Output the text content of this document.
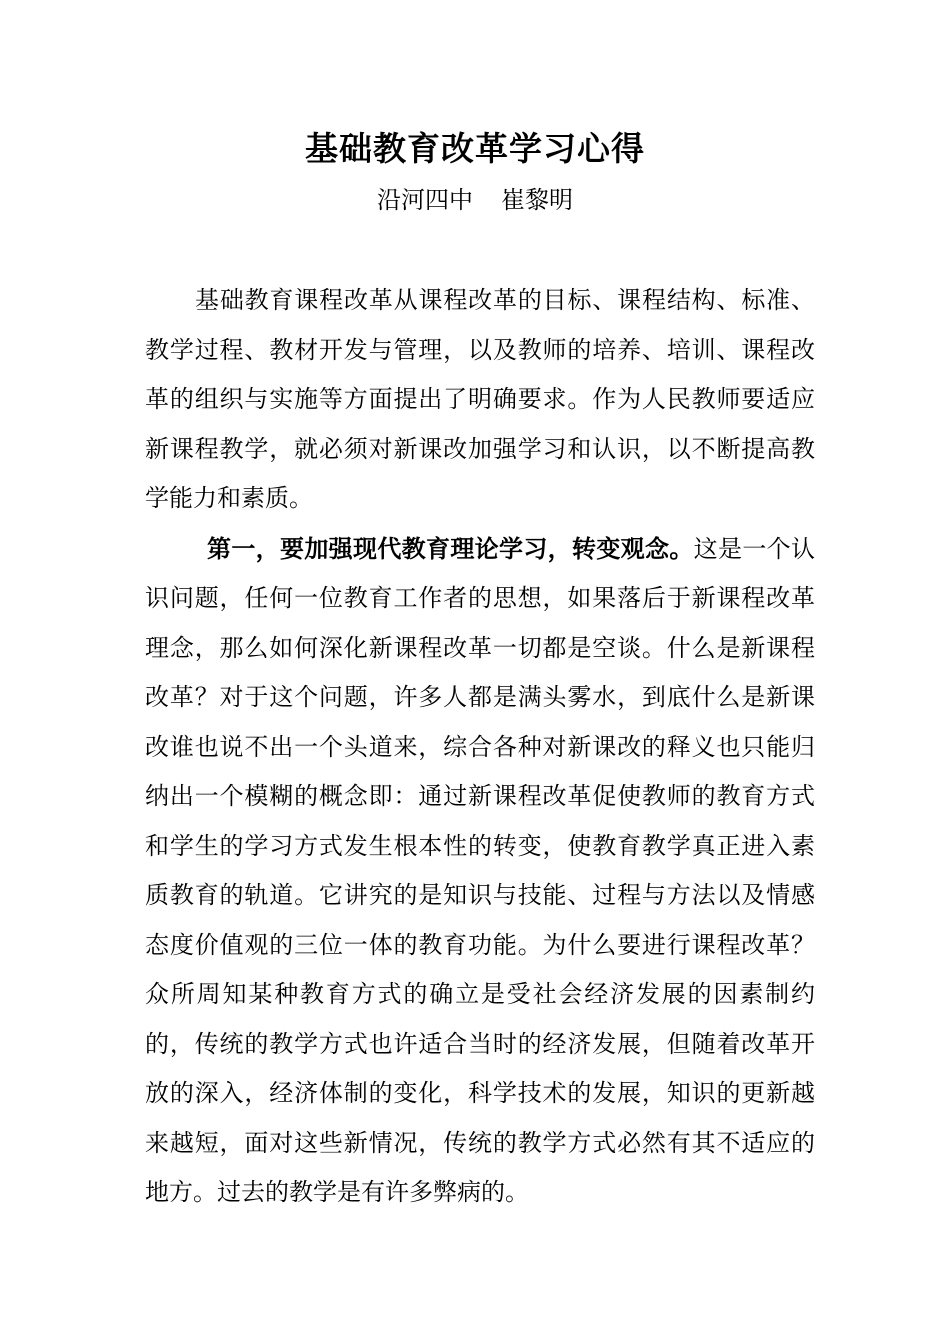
基础教育改革学习心得
沿河四中 崔黎明

基础教育课程改革从课程改革的目标、课程结构、标准、教学过程、教材开发与管理，以及教师的培养、培训、课程改革的组织与实施等方面提出了明确要求。作为人民教师要适应新课程教学，就必须对新课改加强学习和认识，以不断提高教学能力和素质。

第一，要加强现代教育理论学习，转变观念。这是一个认识问题，任何一位教育工作者的思想，如果落后于新课程改革理念，那么如何深化新课程改革一切都是空谈。什么是新课程改革？对于这个问题，许多人都是满头雾水，到底什么是新课改谁也说不出一个头道来，综合各种对新课改的释义也只能归纳出一个模糊的概念即：通过新课程改革促使教师的教育方式和学生的学习方式发生根本性的转变，使教育教学真正进入素质教育的轨道。它讲究的是知识与技能、过程与方法以及情感态度价值观的三位一体的教育功能。为什么要进行课程改革？众所周知某种教育方式的确立是受社会经济发展的因素制约的，传统的教学方式也许适合当时的经济发展，但随着改革开放的深入，经济体制的变化，科学技术的发展，知识的更新越来越短，面对这些新情况，传统的教学方式必然有其不适应的地方。过去的教学是有许多弊病的。
